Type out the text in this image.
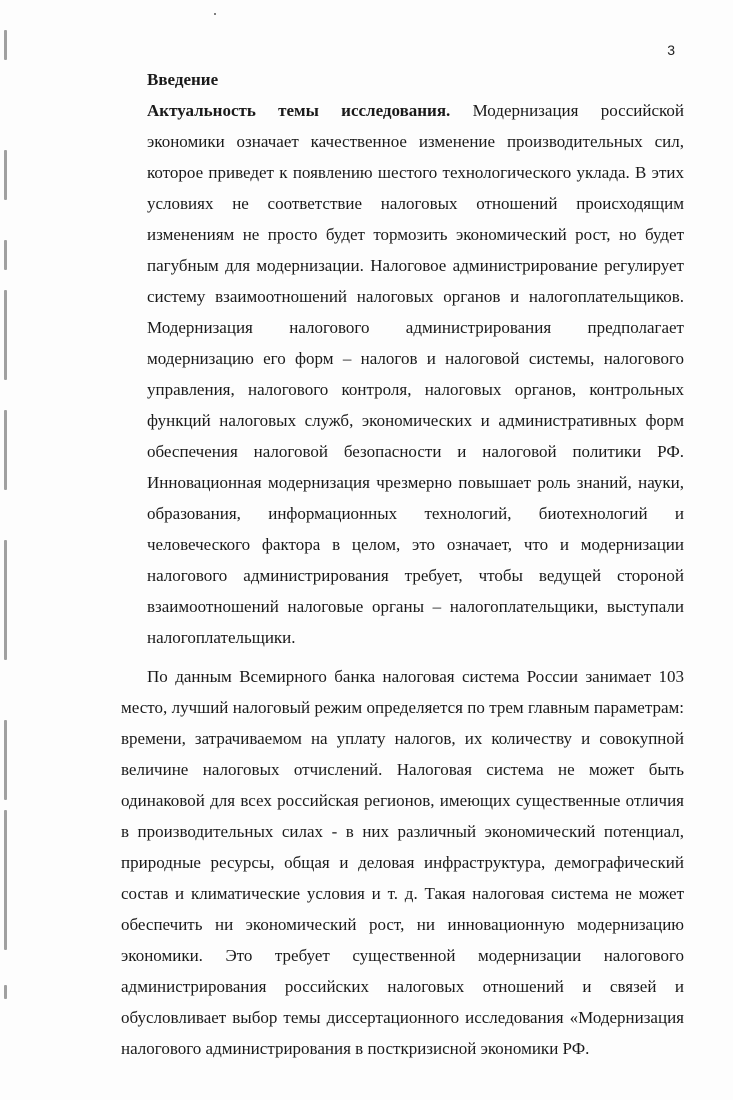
3

Введение

Актуальность темы исследования. Модернизация российской экономики означает качественное изменение производительных сил, которое приведет к появлению шестого технологического уклада. В этих условиях не соответствие налоговых отношений происходящим изменениям не просто будет тормозить экономический рост, но будет пагубным для модернизации. Налоговое администрирование регулирует систему взаимоотношений налоговых органов и налогоплательщиков. Модернизация налогового администрирования предполагает модернизацию его форм – налогов и налоговой системы, налогового управления, налогового контроля, налоговых органов, контрольных функций налоговых служб, экономических и административных форм обеспечения налоговой безопасности и налоговой политики РФ. Инновационная модернизация чрезмерно повышает роль знаний, науки, образования, информационных технологий, биотехнологий и человеческого фактора в целом, это означает, что и модернизации налогового администрирования требует, чтобы ведущей стороной взаимоотношений налоговые органы – налогоплательщики, выступали налогоплательщики.

По данным Всемирного банка налоговая система России занимает 103 место, лучший налоговый режим определяется по трем главным параметрам: времени, затрачиваемом на уплату налогов, их количеству и совокупной величине налоговых отчислений. Налоговая система не может быть одинаковой для всех российская регионов, имеющих существенные отличия в производительных силах - в них различный экономический потенциал, природные ресурсы, общая и деловая инфраструктура, демографический состав и климатические условия и т. д. Такая налоговая система не может обеспечить ни экономический рост, ни инновационную модернизацию экономики. Это требует существенной модернизации налогового администрирования российских налоговых отношений и связей и обусловливает выбор темы диссертационного исследования «Модернизация налогового администрирования в посткризисной экономики РФ.
